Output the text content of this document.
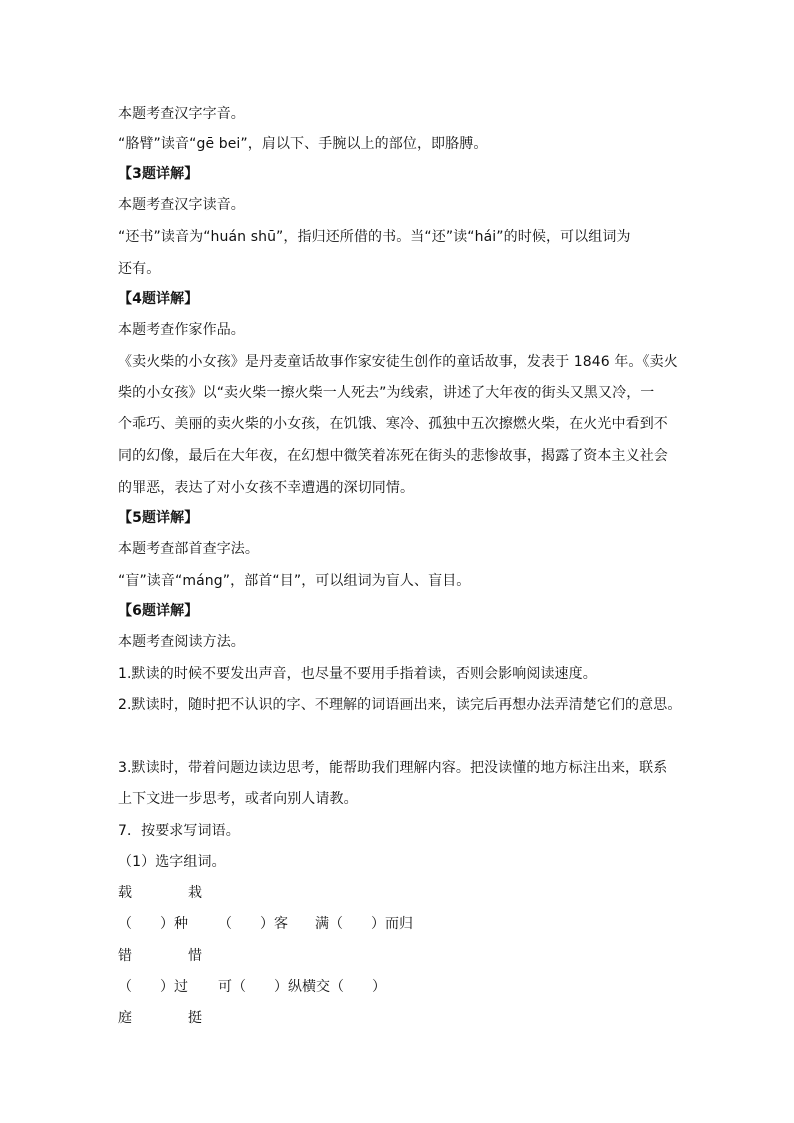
本题考查汉字字音。
“胳臂”读音“gē bei”，肩以下、手腕以上的部位，即胳膊。
【3题详解】
本题考查汉字读音。
“还书”读音为“huán shū”，指归还所借的书。当“还”读“hái”的时候，可以组词为
还有。
【4题详解】
本题考查作家作品。
《卖火柴的小女孩》是丹麦童话故事作家安徒生创作的童话故事，发表于 1846 年。《卖火
柴的小女孩》以“卖火柴一擦火柴一人死去”为线索，讲述了大年夜的街头又黑又冷，一
个乖巧、美丽的卖火柴的小女孩，在饥饿、寒冷、孤独中五次擦燃火柴，在火光中看到不
同的幻像，最后在大年夜，在幻想中微笑着冻死在街头的悲惨故事，揭露了资本主义社会
的罪恶，表达了对小女孩不幸遭遇的深切同情。
【5题详解】
本题考查部首查字法。
“盲”读音“máng”，部首“目”，可以组词为盲人、盲目。
【6题详解】
本题考查阅读方法。
1.默读的时候不要发出声音，也尽量不要用手指着读，否则会影响阅读速度。
2.默读时，随时把不认识的字、不理解的词语画出来，读完后再想办法弄清楚它们的意思。
3.默读时，带着问题边读边思考，能帮助我们理解内容。把没读懂的地方标注出来，联系
上下文进一步思考，或者向别人请教。
7．按要求写词语。
（1）选字组词。
载	栽
（　　）种 （　　）客 满（　　）而归
错	惜
（　　）过 可（　　） 纵横交（　　）
庭	挺
